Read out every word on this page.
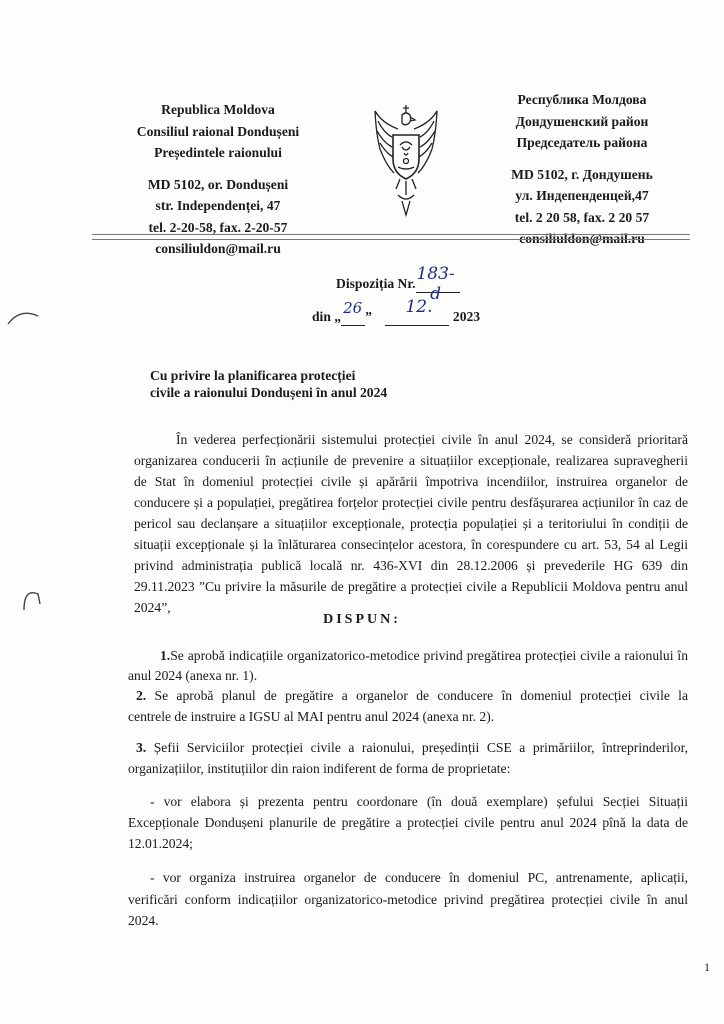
Republica Moldova
Consiliul raional Dondușeni
Președintele raionului
MD 5102, or. Dondușeni
str. Independenței, 47
tel. 2-20-58, fax. 2-20-57
consiliuldon@mail.ru
Республика Молдова
Дондушенский район
Председатель района
MD 5102, г. Дондушень
ул. Индепенденцей,47
tel. 2 20 58, fax. 2 20 57
consiliuldon@mail.ru
Dispoziția Nr. 183-d

din „ 26 ” 12. 2023
Cu privire la planificarea protecției
civile a raionului Dondușeni în anul 2024
În vederea perfecționării sistemului protecției civile în anul 2024, se consideră prioritară
organizarea conducerii în acțiunile de prevenire a situațiilor excepționale, realizarea supravegherii
de Stat în domeniul protecției civile și apărării împotriva incendiilor, instruirea organelor de
conducere și a populației, pregătirea forțelor protecției civile pentru desfășurarea acțiunilor în caz de
pericol sau declanșare a situațiilor excepționale, protecția populației și a teritoriului în condiții de
situații excepționale și la înlăturarea consecințelor acestora, în corespundere cu art. 53, 54 al Legii
privind administrația publică locală nr. 436-XVI din 28.12.2006 și prevederile HG 639 din
29.11.2023 ”Cu privire la măsurile de pregătire a protecției civile a Republicii Moldova pentru anul
2024”,
DISPUN:
1.Se aprobă indicațiile organizatorico-metodice privind pregătirea protecției civile a raionului în
anul 2024 (anexa nr. 1).
2. Se aprobă planul de pregătire a organelor de conducere în domeniul protecției civile la
centrele de instruire a IGSU al MAI pentru anul 2024 (anexa nr. 2).
3. Șefii Serviciilor protecției civile a raionului, președinții CSE a primăriilor, întreprinderilor,
organizațiilor, instituțiilor din raion indiferent de forma de proprietate:
- vor elabora și prezenta pentru coordonare (în două exemplare) șefului Secției Situații
Excepționale Dondușeni planurile de pregătire a protecției civile pentru anul 2024 pînă la data de
12.01.2024;
- vor organiza instruirea organelor de conducere în domeniul PC, antrenamente, aplicații,
verificări conform indicațiilor organizatorico-metodice privind pregătirea protecției civile în anul
2024.
1
